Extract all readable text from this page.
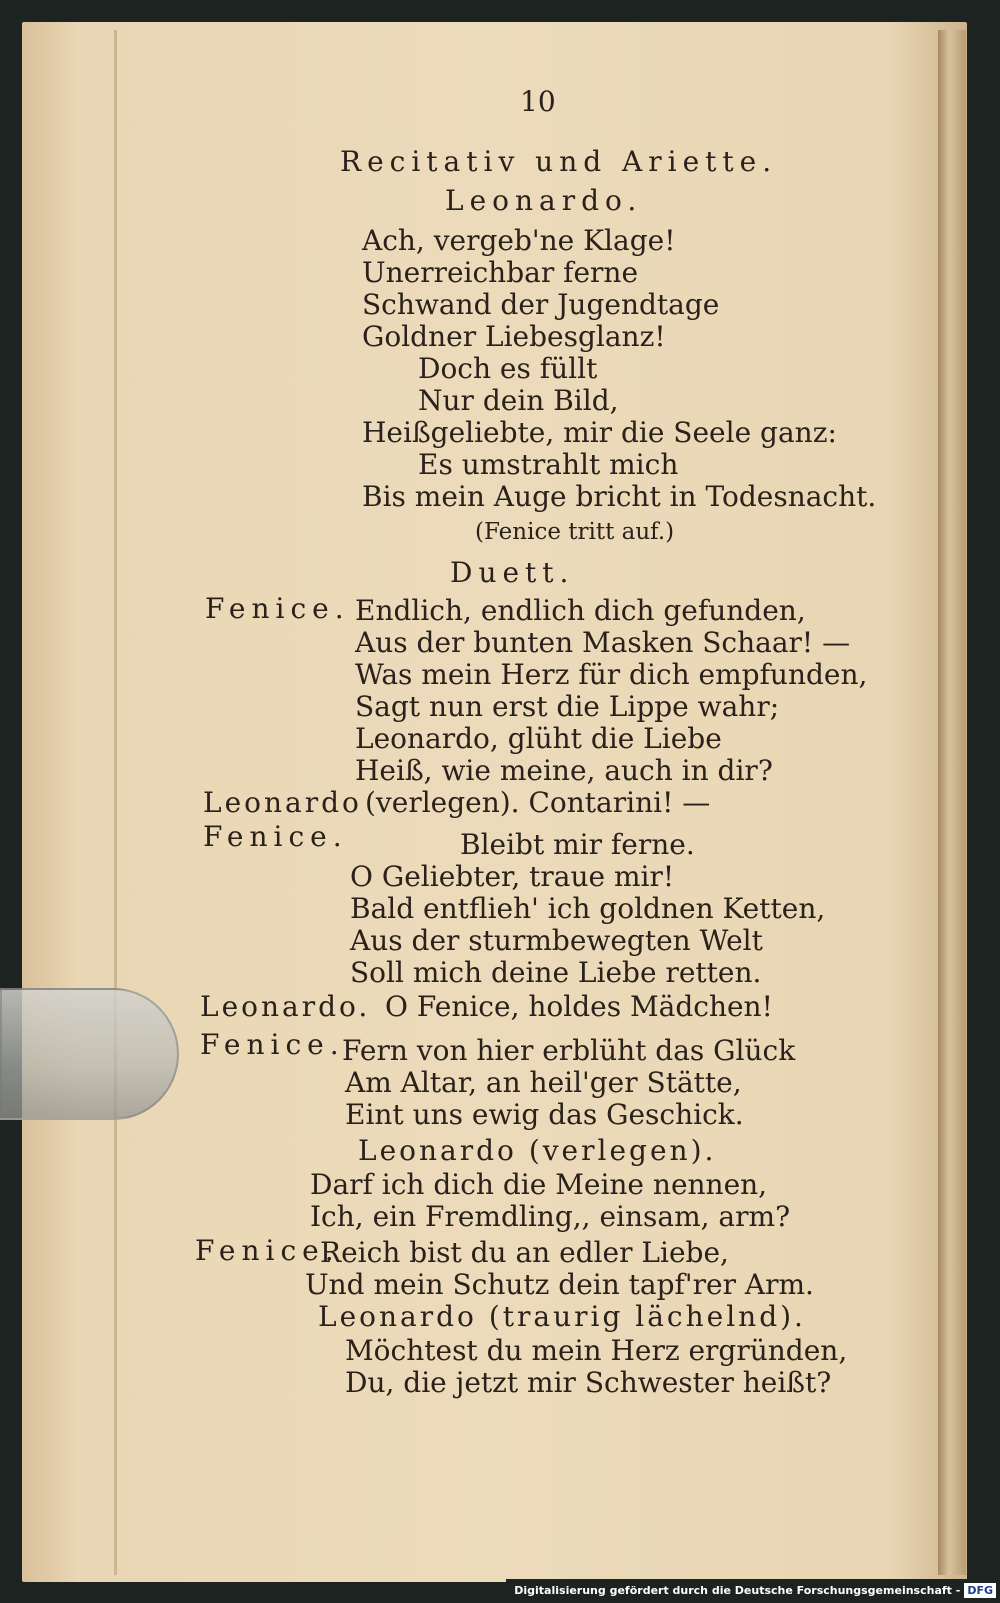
10
Recitativ und Ariette.
Leonardo.
Ach, vergeb'ne Klage!
Unerreichbar ferne
Schwand der Jugendtage
Goldner Liebesglanz!
Doch es füllt
Nur dein Bild,
Heißgeliebte, mir die Seele ganz:
Es umstrahlt mich
Bis mein Auge bricht in Todesnacht.
(Fenice tritt auf.)
Duett.
Fenice. Endlich, endlich dich gefunden,
Aus der bunten Masken Schaar! —
Was mein Herz für dich empfunden,
Sagt nun erst die Lippe wahr;
Leonardo, glüht die Liebe
Heiß, wie meine, auch in dir?
Leonardo (verlegen). Contarini! —
Fenice.	Bleibt mir ferne.
O Geliebter, traue mir!
Bald entflieh' ich goldnen Ketten,
Aus der sturmbewegten Welt
Soll mich deine Liebe retten.
Leonardo. O Fenice, holdes Mädchen!
Fenice.
Fern von hier erblüht das Glück
Am Altar, an heil'ger Stätte,
Eint uns ewig das Geschick.
Leonardo (verlegen).
Darf ich dich die Meine nennen,
Ich, ein Fremdling,, einsam, arm?
Fenice.
Reich bist du an edler Liebe,
Und mein Schutz dein tapf'rer Arm.
Leonardo (traurig lächelnd).
Möchtest du mein Herz ergründen,
Du, die jetzt mir Schwester heißt?
Digitalisierung gefördert durch die Deutsche Forschungsgemeinschaft - DFG
